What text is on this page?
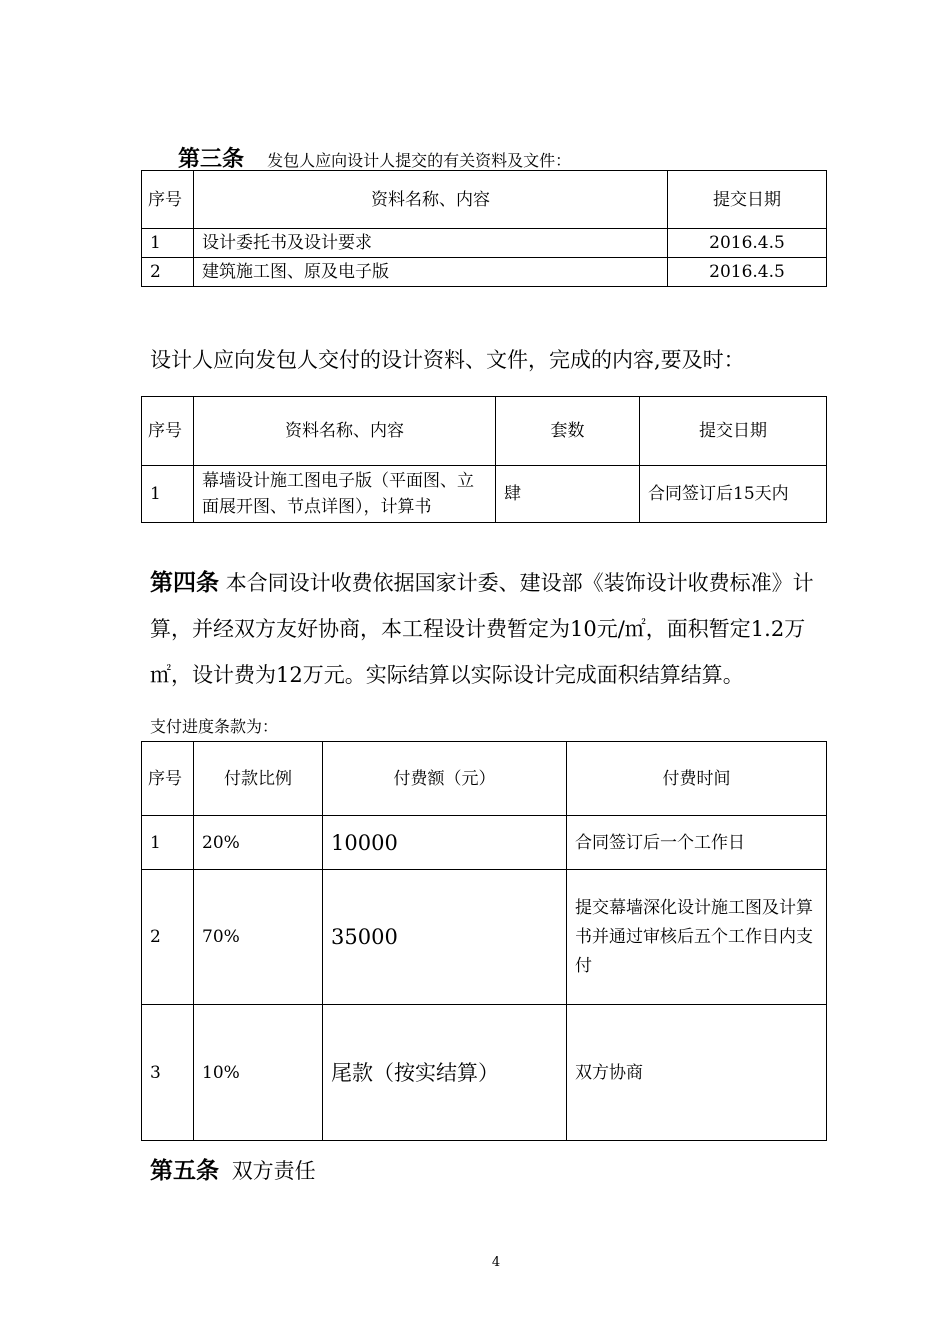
第三条 发包人应向设计人提交的有关资料及文件：
序号	资料名称、内容	提交日期
1	设计委托书及设计要求	2016.4.5
2	建筑施工图、原及电子版	2016.4.5
设计人应向发包人交付的设计资料、文件，完成的内容,要及时：
序号	资料名称、内容	套数	提交日期
1	幕墙设计施工图电子版（平面图、立面展开图、节点详图），计算书	肆	合同签订后15天内
第四条 本合同设计收费依据国家计委、建设部《装饰设计收费标准》计
算，并经双方友好协商，本工程设计费暂定为10元/㎡，面积暂定1.2万
㎡，设计费为12万元。实际结算以实际设计完成面积结算结算。
支付进度条款为：
序号	付款比例	付费额（元）	付费时间
1	20%	10000	合同签订后一个工作日
2	70%	35000	提交幕墙深化设计施工图及计算书并通过审核后五个工作日内支付
3	10%	尾款（按实结算）	双方协商
第五条 双方责任
4
